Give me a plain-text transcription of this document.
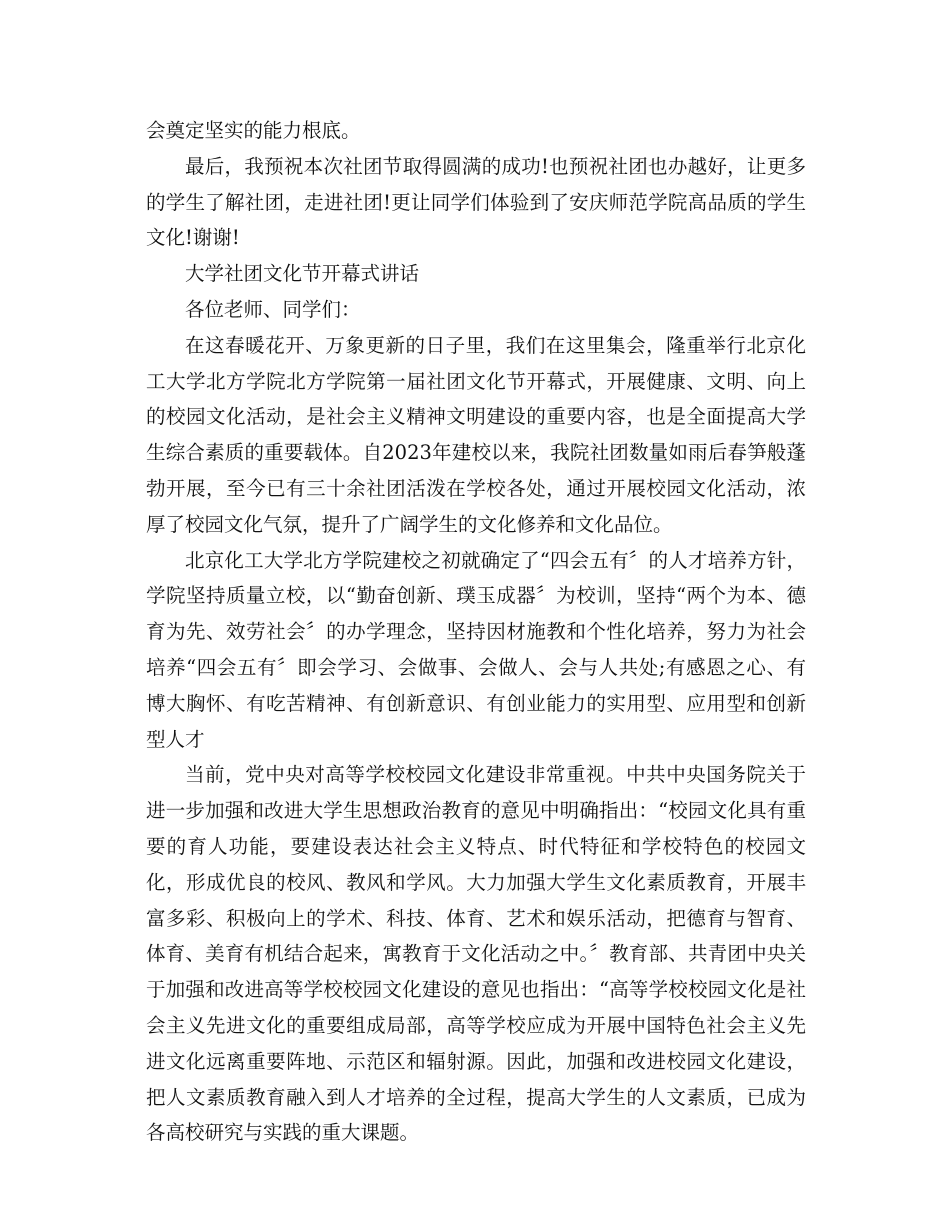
会奠定坚实的能力根底。

最后，我预祝本次社团节取得圆满的成功!也预祝社团也办越好，让更多的学生了解社团，走进社团!更让同学们体验到了安庆师范学院高品质的学生文化!谢谢!

大学社团文化节开幕式讲话

各位老师、同学们：

在这春暖花开、万象更新的日子里，我们在这里集会，隆重举行北京化工大学北方学院北方学院第一届社团文化节开幕式，开展健康、文明、向上的校园文化活动，是社会主义精神文明建设的重要内容，也是全面提高大学生综合素质的重要载体。自2023年建校以来，我院社团数量如雨后春笋般蓬勃开展，至今已有三十余社团活泼在学校各处，通过开展校园文化活动，浓厚了校园文化气氛，提升了广阔学生的文化修养和文化品位。

北京化工大学北方学院建校之初就确定了“四会五有〞的人才培养方针，学院坚持质量立校，以“勤奋创新、璞玉成器〞为校训，坚持“两个为本、德育为先、效劳社会〞的办学理念，坚持因材施教和个性化培养，努力为社会培养“四会五有〞即会学习、会做事、会做人、会与人共处;有感恩之心、有博大胸怀、有吃苦精神、有创新意识、有创业能力的实用型、应用型和创新型人才

当前，党中央对高等学校校园文化建设非常重视。中共中央国务院关于进一步加强和改进大学生思想政治教育的意见中明确指出：“校园文化具有重要的育人功能，要建设表达社会主义特点、时代特征和学校特色的校园文化，形成优良的校风、教风和学风。大力加强大学生文化素质教育，开展丰富多彩、积极向上的学术、科技、体育、艺术和娱乐活动，把德育与智育、体育、美育有机结合起来，寓教育于文化活动之中。〞教育部、共青团中央关于加强和改进高等学校校园文化建设的意见也指出：“高等学校校园文化是社会主义先进文化的重要组成局部，高等学校应成为开展中国特色社会主义先进文化远离重要阵地、示范区和辐射源。因此，加强和改进校园文化建设，把人文素质教育融入到人才培养的全过程，提高大学生的人文素质，已成为各高校研究与实践的重大课题。
